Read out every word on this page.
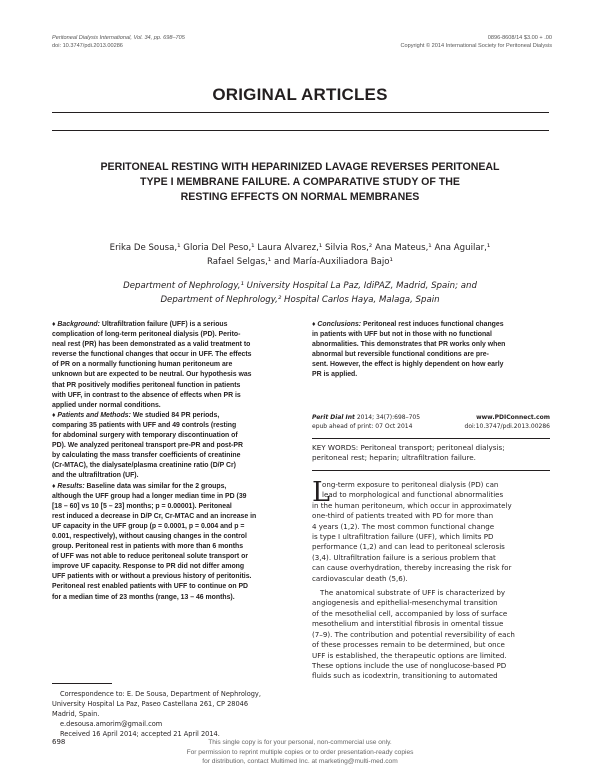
Peritoneal Dialysis International, Vol. 34, pp. 698–705
doi: 10.3747/pdi.2013.00286
0896-8608/14 $3.00 + .00
Copyright © 2014 International Society for Peritoneal Dialysis
ORIGINAL ARTICLES
PERITONEAL RESTING WITH HEPARINIZED LAVAGE REVERSES PERITONEAL
TYPE I MEMBRANE FAILURE. A COMPARATIVE STUDY OF THE
RESTING EFFECTS ON NORMAL MEMBRANES
Erika De Sousa,¹ Gloria Del Peso,¹ Laura Alvarez,¹ Silvia Ros,² Ana Mateus,¹ Ana Aguilar,¹
Rafael Selgas,¹ and María-Auxiliadora Bajo¹
Department of Nephrology,¹ University Hospital La Paz, IdiPAZ, Madrid, Spain; and
Department of Nephrology,² Hospital Carlos Haya, Malaga, Spain
♦ Background: Ultrafiltration failure (UFF) is a serious
complication of long-term peritoneal dialysis (PD). Perito-
neal rest (PR) has been demonstrated as a valid treatment to
reverse the functional changes that occur in UFF. The effects
of PR on a normally functioning human peritoneum are
unknown but are expected to be neutral. Our hypothesis was
that PR positively modifies peritoneal function in patients
with UFF, in contrast to the absence of effects when PR is
applied under normal conditions.
♦ Patients and Methods: We studied 84 PR periods,
comparing 35 patients with UFF and 49 controls (resting
for abdominal surgery with temporary discontinuation of
PD). We analyzed peritoneal transport pre-PR and post-PR
by calculating the mass transfer coefficients of creatinine
(Cr-MTAC), the dialysate/plasma creatinine ratio (D/P Cr)
and the ultrafiltration (UF).
♦ Results: Baseline data was similar for the 2 groups,
although the UFF group had a longer median time in PD (39
[18 – 60] vs 10 [5 – 23] months; p = 0.00001). Peritoneal
rest induced a decrease in D/P Cr, Cr-MTAC and an increase in
UF capacity in the UFF group (p = 0.0001, p = 0.004 and p =
0.001, respectively), without causing changes in the control
group. Peritoneal rest in patients with more than 6 months
of UFF was not able to reduce peritoneal solute transport or
improve UF capacity. Response to PR did not differ among
UFF patients with or without a previous history of peritonitis.
Peritoneal rest enabled patients with UFF to continue on PD
for a median time of 23 months (range, 13 – 46 months).
♦ Conclusions: Peritoneal rest induces functional changes
in patients with UFF but not in those with no functional
abnormalities. This demonstrates that PR works only when
abnormal but reversible functional conditions are pre-
sent. However, the effect is highly dependent on how early
PR is applied.
Perit Dial Int 2014; 34(7):698–705	www.PDIConnect.com
epub ahead of print: 07 Oct 2014	doi:10.3747/pdi.2013.00286
KEY WORDS: Peritoneal transport; peritoneal dialysis;
peritoneal rest; heparin; ultrafiltration failure.
L
ong-term exposure to peritoneal dialysis (PD) can
lead to morphological and functional abnormalities
in the human peritoneum, which occur in approximately
one-third of patients treated with PD for more than
4 years (1,2). The most common functional change
is type I ultrafiltration failure (UFF), which limits PD
performance (1,2) and can lead to peritoneal sclerosis
(3,4). Ultrafiltration failure is a serious problem that
can cause overhydration, thereby increasing the risk for
cardiovascular death (5,6).
The anatomical substrate of UFF is characterized by
angiogenesis and epithelial-mesenchymal transition
of the mesothelial cell, accompanied by loss of surface
mesothelium and interstitial fibrosis in omental tissue
(7–9). The contribution and potential reversibility of each
of these processes remain to be determined, but once
UFF is established, the therapeutic options are limited.
These options include the use of nonglucose-based PD
fluids such as icodextrin, transitioning to automated
Correspondence to: E. De Sousa, Department of Nephrology,
University Hospital La Paz, Paseo Castellana 261, CP 28046
Madrid, Spain.
e.desousa.amorim@gmail.com
Received 16 April 2014; accepted 21 April 2014.
698	This single copy is for your personal, non-commercial use only.
For permission to reprint multiple copies or to order presentation-ready copies
for distribution, contact Multimed Inc. at marketing@multi-med.com
